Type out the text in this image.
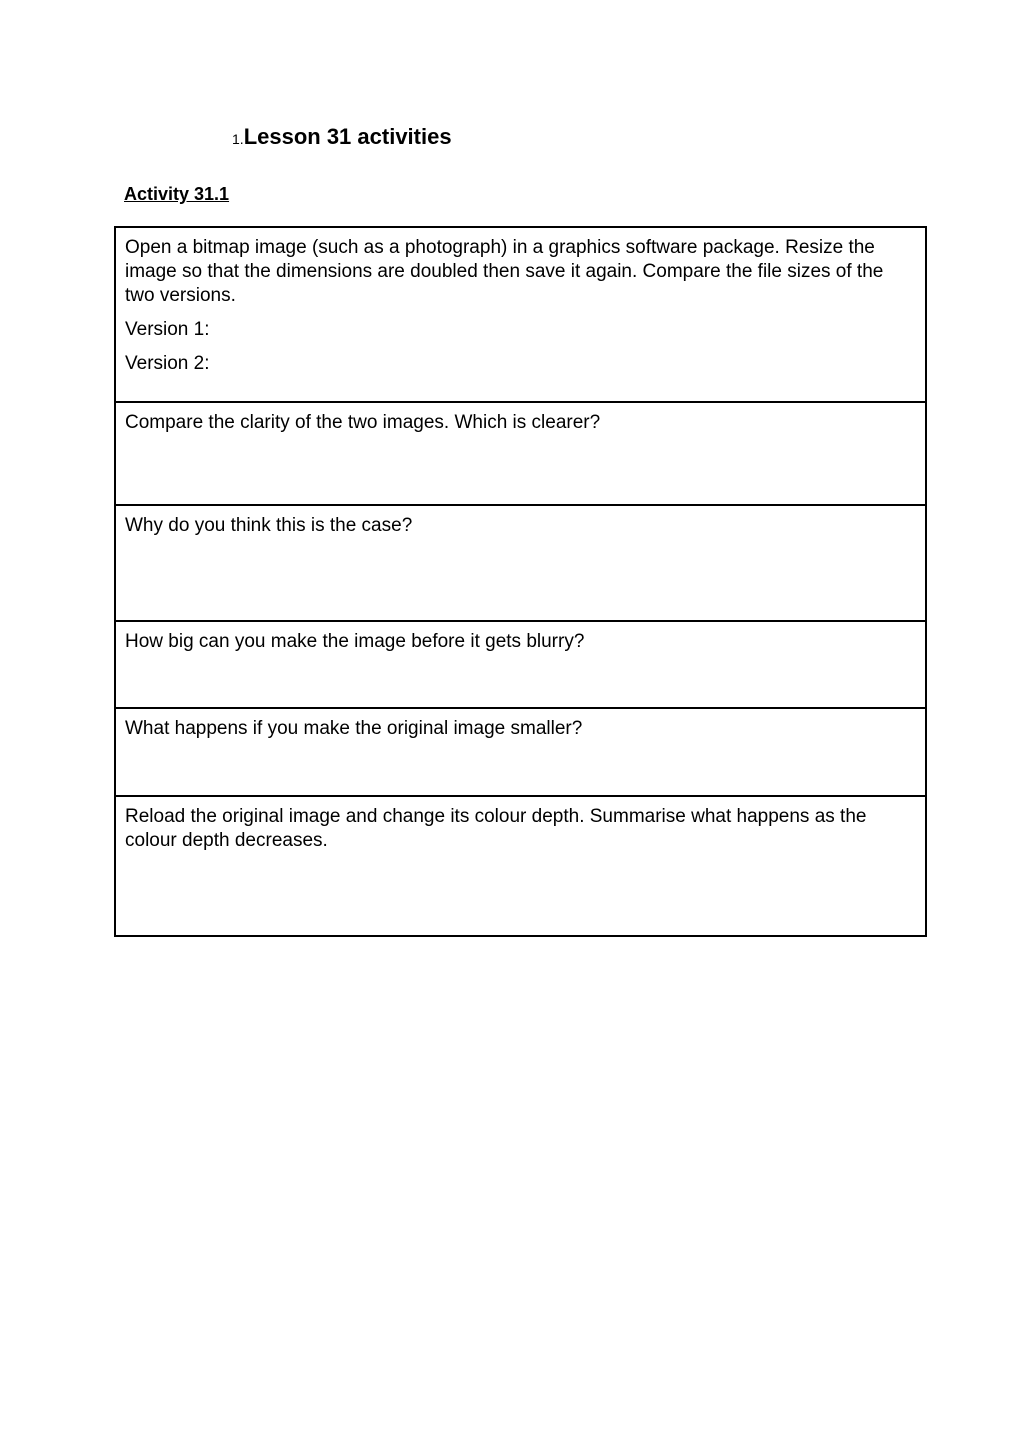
1.Lesson 31 activities
Activity 31.1

Open a bitmap image (such as a photograph) in a graphics software package. Resize the image so that the dimensions are doubled then save it again. Compare the file sizes of the two versions.

Version 1:

Version 2:

Compare the clarity of the two images. Which is clearer?

Why do you think this is the case?

How big can you make the image before it gets blurry?

What happens if you make the original image smaller?

Reload the original image and change its colour depth. Summarise what happens as the colour depth decreases.
